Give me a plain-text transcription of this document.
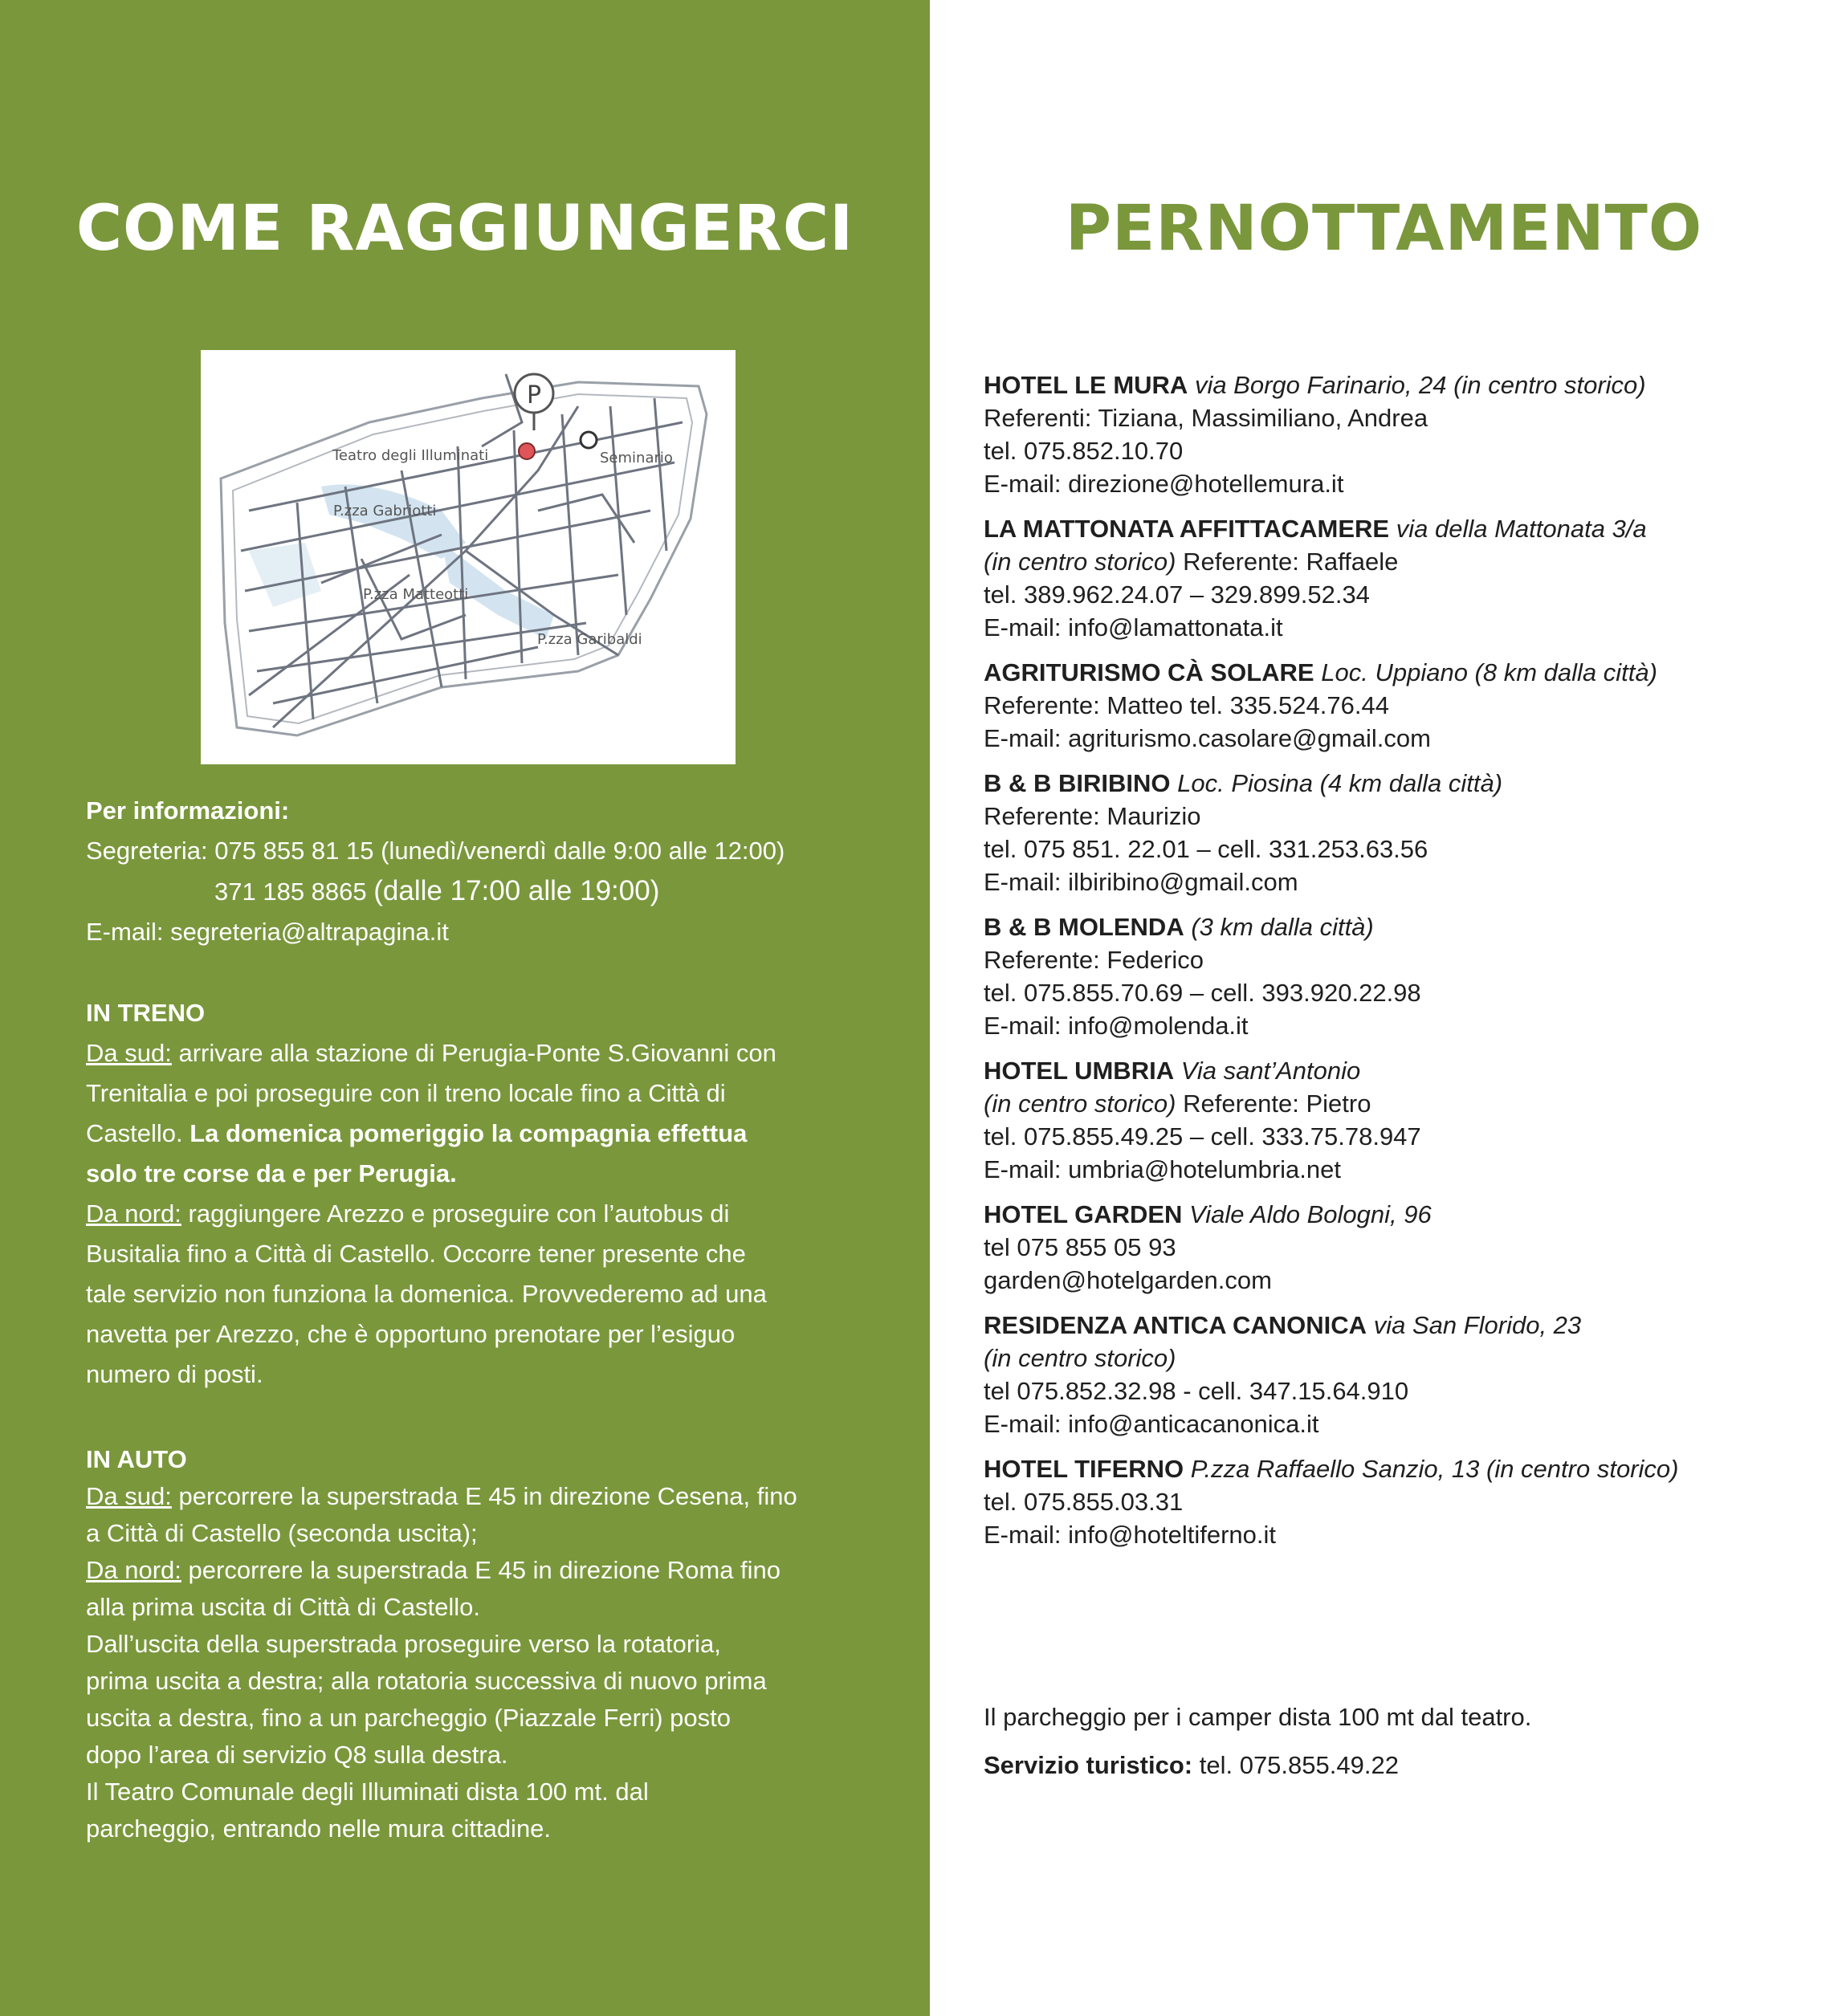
COME RAGGIUNGERCI
P
Teatro degli Illuminati	Seminario
P.zza Gabriotti
P.zza Matteotti
P.zza Garibaldi

Per informazioni:

Segreteria: 075 855 81 15 (lunedì/venerdì dalle 9:00 alle 12:00)

371 185 8865 (dalle 17:00 alle 19:00)

E-mail: segreteria@altrapagina.it

IN TRENO

Da sud: arrivare alla stazione di Perugia-Ponte S.Giovanni con

Trenitalia e poi proseguire con il treno locale fino a Città di

Castello. La domenica pomeriggio la compagnia effettua

solo tre corse da e per Perugia.

Da nord: raggiungere Arezzo e proseguire con l’autobus di

Busitalia fino a Città di Castello. Occorre tener presente che

tale servizio non funziona la domenica. Provvederemo ad una

navetta per Arezzo, che è opportuno prenotare per l’esiguo

numero di posti.

IN AUTO

Da sud: percorrere la superstrada E 45 in direzione Cesena, fino

a Città di Castello (seconda uscita);

Da nord: percorrere la superstrada E 45 in direzione Roma fino

alla prima uscita di Città di Castello.

Dall’uscita della superstrada proseguire verso la rotatoria,

prima uscita a destra; alla rotatoria successiva di nuovo prima

uscita a destra, fino a un parcheggio (Piazzale Ferri) posto

dopo l’area di servizio Q8 sulla destra.

Il Teatro Comunale degli Illuminati dista 100 mt. dal

parcheggio, entrando nelle mura cittadine.

PERNOTTAMENTO
HOTEL LE MURA via Borgo Farinario, 24 (in centro storico)
Referenti: Tiziana, Massimiliano, Andrea
tel. 075.852.10.70
E-mail: direzione@hotellemura.it
LA MATTONATA AFFITTACAMERE via della Mattonata 3/a
(in centro storico) Referente: Raffaele
tel. 389.962.24.07 – 329.899.52.34
E-mail: info@lamattonata.it
AGRITURISMO CÀ SOLARE Loc. Uppiano (8 km dalla città)
Referente: Matteo tel. 335.524.76.44
E-mail: agriturismo.casolare@gmail.com
B & B BIRIBINO Loc. Piosina (4 km dalla città)
Referente: Maurizio
tel. 075 851. 22.01 – cell. 331.253.63.56
E-mail: ilbiribino@gmail.com
B & B MOLENDA (3 km dalla città)
Referente: Federico
tel. 075.855.70.69 – cell. 393.920.22.98
E-mail: info@molenda.it
HOTEL UMBRIA Via sant’Antonio
(in centro storico) Referente: Pietro
tel. 075.855.49.25 – cell. 333.75.78.947
E-mail: umbria@hotelumbria.net
HOTEL GARDEN Viale Aldo Bologni, 96
tel 075 855 05 93
garden@hotelgarden.com
RESIDENZA ANTICA CANONICA via San Florido, 23
(in centro storico)
tel 075.852.32.98 - cell. 347.15.64.910
E-mail: info@anticacanonica.it
HOTEL TIFERNO P.zza Raffaello Sanzio, 13 (in centro storico)
tel. 075.855.03.31
E-mail: info@hoteltiferno.it
Il parcheggio per i camper dista 100 mt dal teatro.
Servizio turistico: tel. 075.855.49.22
